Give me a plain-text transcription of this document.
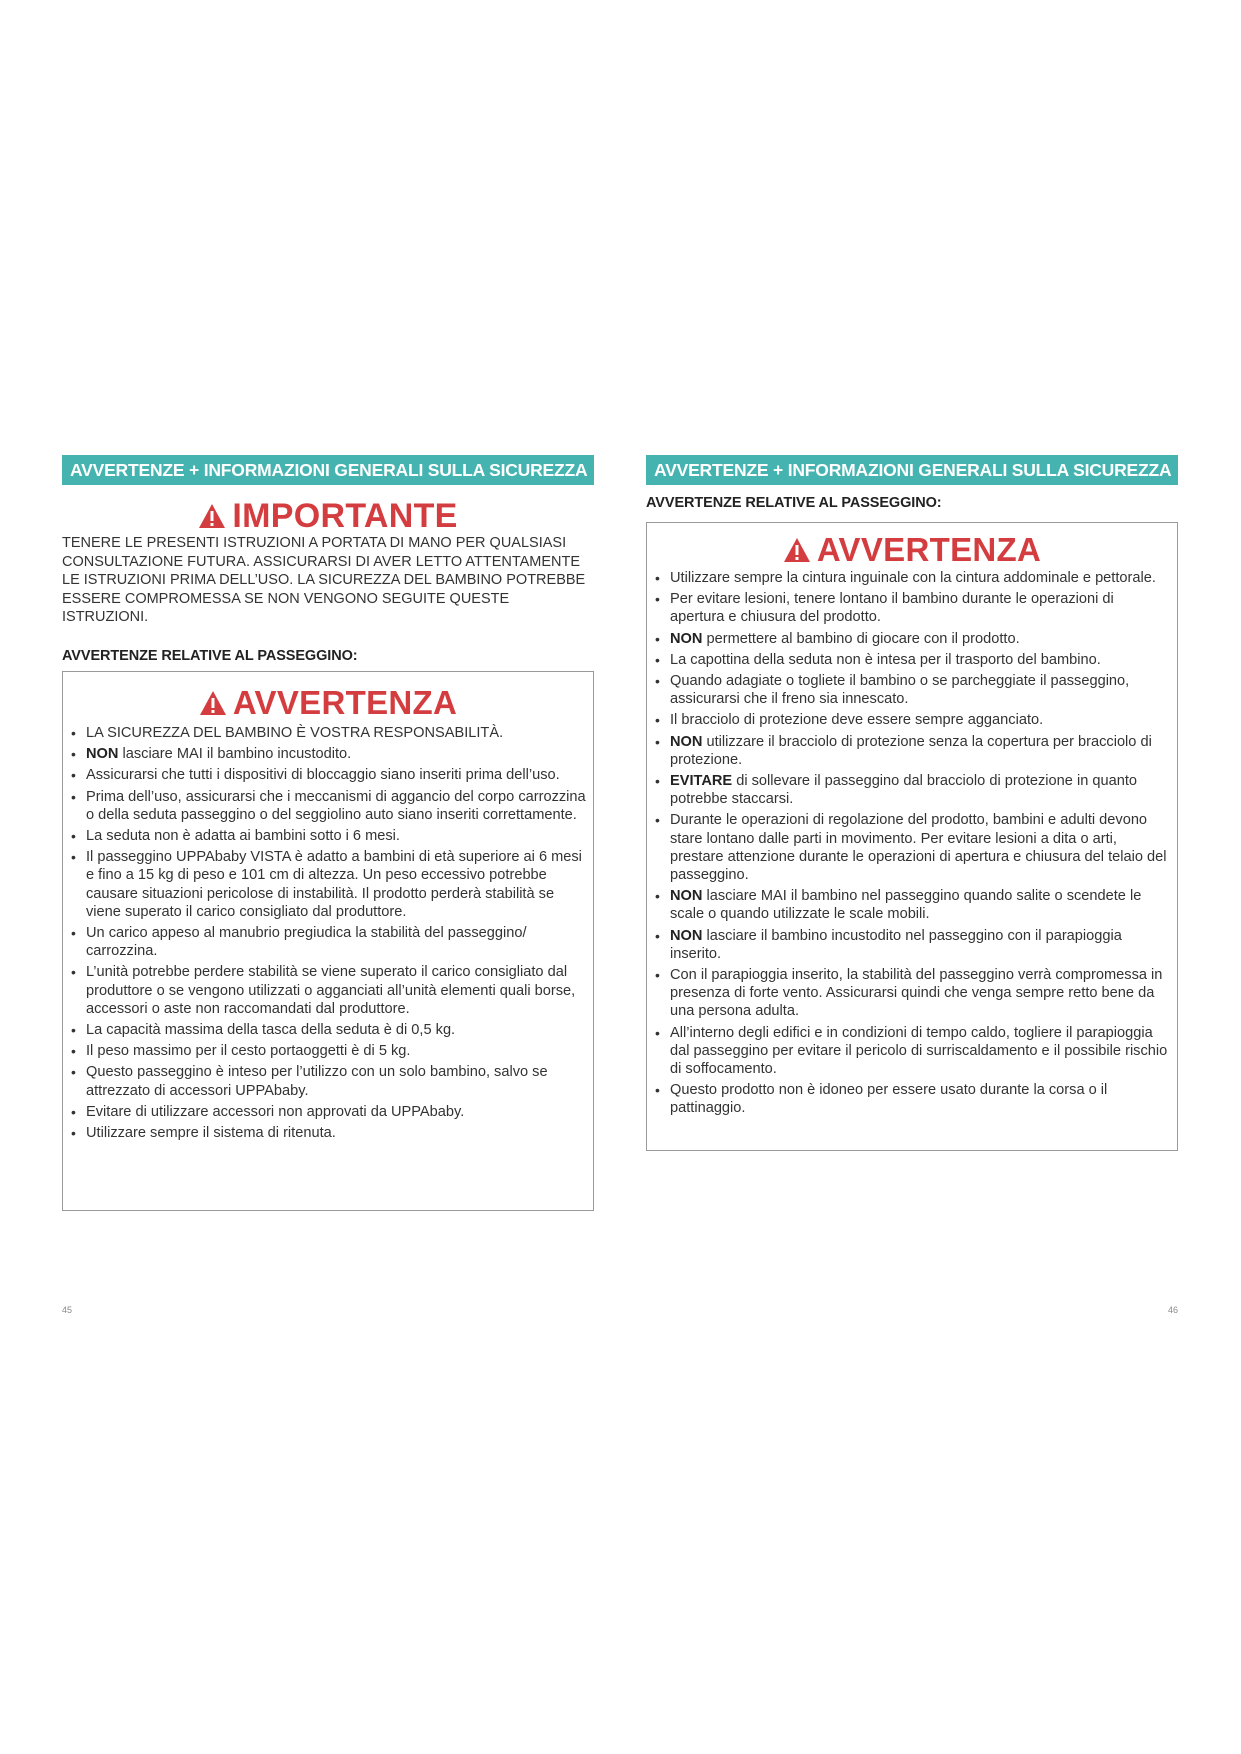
AVVERTENZE + INFORMAZIONI GENERALI SULLA SICUREZZA
IMPORTANTE

TENERE LE PRESENTI ISTRUZIONI A PORTATA DI MANO PER QUALSIASI CONSULTAZIONE FUTURA. ASSICURARSI DI AVER LETTO ATTENTAMENTE LE ISTRUZIONI PRIMA DELL’USO. LA SICUREZZA DEL BAMBINO POTREBBE ESSERE COMPROMESSA SE NON VENGONO SEGUITE QUESTE ISTRUZIONI.

AVVERTENZE RELATIVE AL PASSEGGINO:
AVVERTENZA
• LA SICUREZZA DEL BAMBINO È VOSTRA RESPONSABILITÀ.
• NON lasciare MAI il bambino incustodito.
• Assicurarsi che tutti i dispositivi di bloccaggio siano inseriti prima dell’uso.
• Prima dell’uso, assicurarsi che i meccanismi di aggancio del corpo carrozzina o della seduta passeggino o del seggiolino auto siano inseriti correttamente.
• La seduta non è adatta ai bambini sotto i 6 mesi.
• Il passeggino UPPAbaby VISTA è adatto a bambini di età superiore ai 6 mesi e fino a 15 kg di peso e 101 cm di altezza. Un peso eccessivo potrebbe causare situazioni pericolose di instabilità. Il prodotto perderà stabilità se viene superato il carico consigliato dal produttore.
• Un carico appeso al manubrio pregiudica la stabilità del passeggino/ carrozzina.
• L’unità potrebbe perdere stabilità se viene superato il carico consigliato dal produttore o se vengono utilizzati o agganciati all’unità elementi quali borse, accessori o aste non raccomandati dal produttore.
• La capacità massima della tasca della seduta è di 0,5 kg.
• Il peso massimo per il cesto portaoggetti è di 5 kg.
• Questo passeggino è inteso per l’utilizzo con un solo bambino, salvo se attrezzato di accessori UPPAbaby.
• Evitare di utilizzare accessori non approvati da UPPAbaby.
• Utilizzare sempre il sistema di ritenuta.
45
AVVERTENZE + INFORMAZIONI GENERALI SULLA SICUREZZA
AVVERTENZE RELATIVE AL PASSEGGINO:
AVVERTENZA
• Utilizzare sempre la cintura inguinale con la cintura addominale e pettorale.
• Per evitare lesioni, tenere lontano il bambino durante le operazioni di apertura e chiusura del prodotto.
• NON permettere al bambino di giocare con il prodotto.
• La capottina della seduta non è intesa per il trasporto del bambino.
• Quando adagiate o togliete il bambino o se parcheggiate il passeggino, assicurarsi che il freno sia innescato.
• Il bracciolo di protezione deve essere sempre agganciato.
• NON utilizzare il bracciolo di protezione senza la copertura per bracciolo di protezione.
• EVITARE di sollevare il passeggino dal bracciolo di protezione in quanto potrebbe staccarsi.
• Durante le operazioni di regolazione del prodotto, bambini e adulti devono stare lontano dalle parti in movimento. Per evitare lesioni a dita o arti, prestare attenzione durante le operazioni di apertura e chiusura del telaio del passeggino.
• NON lasciare MAI il bambino nel passeggino quando salite o scendete le scale o quando utilizzate le scale mobili.
• NON lasciare il bambino incustodito nel passeggino con il parapioggia inserito.
• Con il parapioggia inserito, la stabilità del passeggino verrà compromessa in presenza di forte vento. Assicurarsi quindi che venga sempre retto bene da una persona adulta.
• All’interno degli edifici e in condizioni di tempo caldo, togliere il parapioggia dal passeggino per evitare il pericolo di surriscaldamento e il possibile rischio di soffocamento.
• Questo prodotto non è idoneo per essere usato durante la corsa o il pattinaggio.
46
